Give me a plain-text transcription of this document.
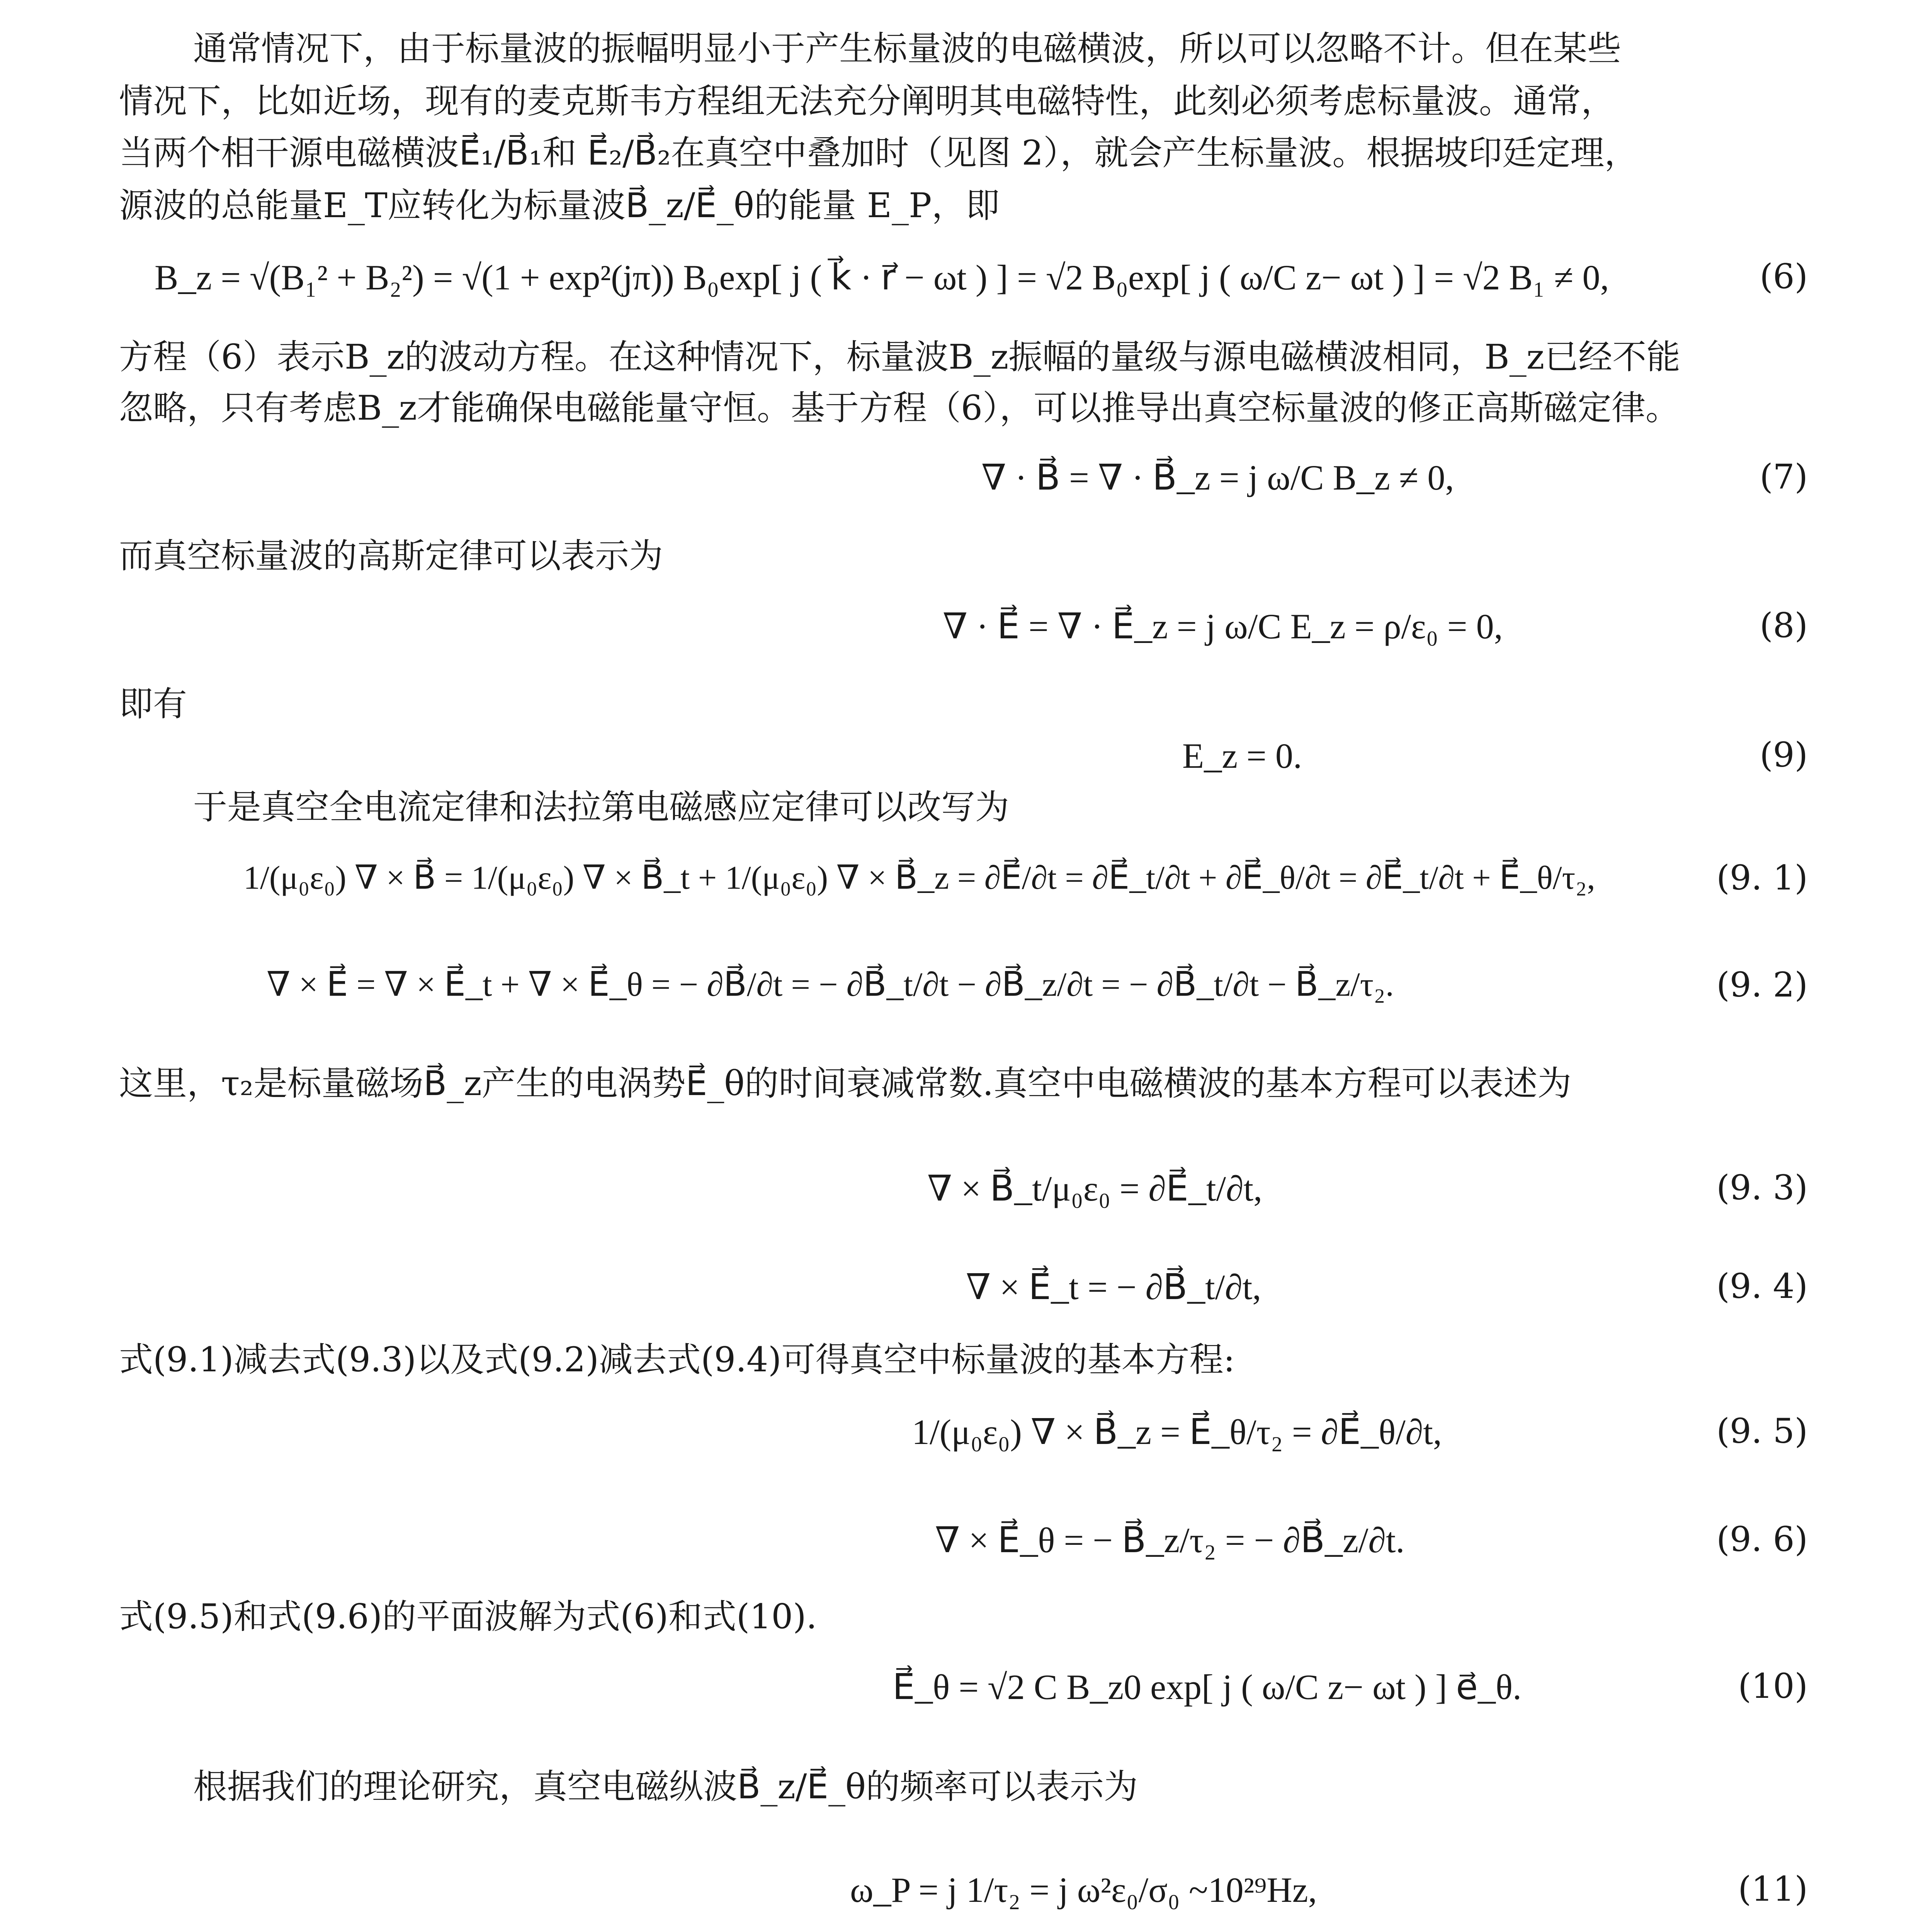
通常情况下，由于标量波的振幅明显小于产生标量波的电磁横波，所以可以忽略不计。但在某些
情况下，比如近场，现有的麦克斯韦方程组无法充分阐明其电磁特性，此刻必须考虑标量波。通常，
当两个相干源电磁横波E⃗₁/B⃗₁和 E⃗₂/B⃗₂在真空中叠加时（见图 2），就会产生标量波。根据坡印廷定理，
源波的总能量E_T应转化为标量波B⃗_z/E⃗_θ的能量 E_P，即
B_z = √(B₁² + B₂²) = √(1 + exp²(jπ)) B₀exp[ j ( k⃗ · r⃗ − ωt ) ] = √2 B₀exp[ j ( ω/C z− ωt ) ] = √2 B₁ ≠ 0,	(6)
方程（6）表示B_z的波动方程。在这种情况下，标量波B_z振幅的量级与源电磁横波相同，B_z已经不能
忽略，只有考虑B_z才能确保电磁能量守恒。基于方程（6），可以推导出真空标量波的修正高斯磁定律。
∇ · B⃗ = ∇ · B⃗_z = j ω/C B_z ≠ 0,	(7)
而真空标量波的高斯定律可以表示为
∇ · E⃗ = ∇ · E⃗_z = j ω/C E_z = ρ/ε₀ = 0,	(8)
即有
E_z = 0.	(9)
于是真空全电流定律和法拉第电磁感应定律可以改写为
1/(μ₀ε₀) ∇ × B⃗ = 1/(μ₀ε₀) ∇ × B⃗_t + 1/(μ₀ε₀) ∇ × B⃗_z = ∂E⃗/∂t = ∂E⃗_t/∂t + ∂E⃗_θ/∂t = ∂E⃗_t/∂t + E⃗_θ/τ₂,	(9. 1)
∇ × E⃗ = ∇ × E⃗_t + ∇ × E⃗_θ = − ∂B⃗/∂t = − ∂B⃗_t/∂t − ∂B⃗_z/∂t = − ∂B⃗_t/∂t − B⃗_z/τ₂.	(9. 2)
这里，τ₂是标量磁场B⃗_z产生的电涡势E⃗_θ的时间衰减常数.真空中电磁横波的基本方程可以表述为
∇ × B⃗_t/μ₀ε₀ = ∂E⃗_t/∂t,	(9. 3)
∇ × E⃗_t = − ∂B⃗_t/∂t,	(9. 4)
式(9.1)减去式(9.3)以及式(9.2)减去式(9.4)可得真空中标量波的基本方程:
1/(μ₀ε₀) ∇ × B⃗_z = E⃗_θ/τ₂ = ∂E⃗_θ/∂t,	(9. 5)
∇ × E⃗_θ = − B⃗_z/τ₂ = − ∂B⃗_z/∂t.	(9. 6)
式(9.5)和式(9.6)的平面波解为式(6)和式(10).
E⃗_θ = √2 C B_z0 exp[ j ( ω/C z− ωt ) ] e⃗_θ.	(10)
根据我们的理论研究，真空电磁纵波B⃗_z/E⃗_θ的频率可以表示为
ω_P = j 1/τ₂ = j ω²ε₀/σ₀ ~10²⁹Hz,	(11)
